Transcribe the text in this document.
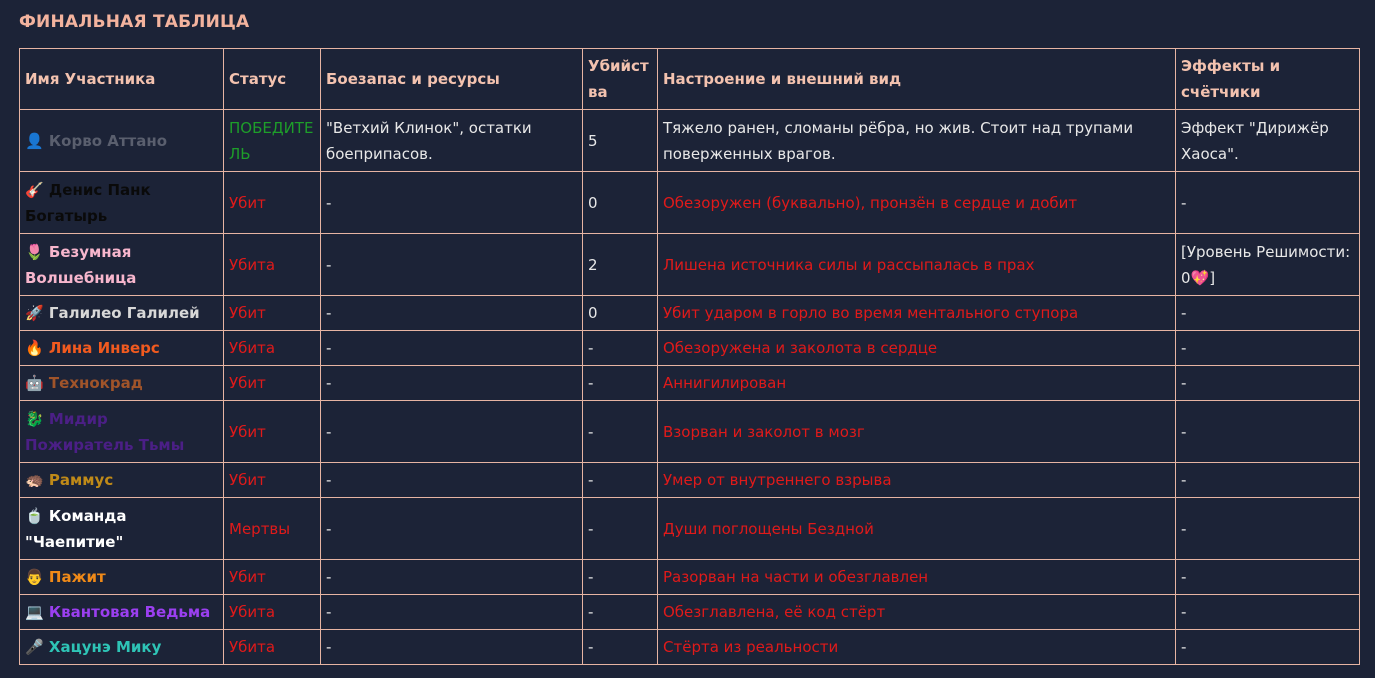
ФИНАЛЬНАЯ ТАБЛИЦА
Имя Участника	Статус	Боезапас и ресурсы	Убийства	Настроение и внешний вид	Эффекты и счётчики
👤 Корво Аттано	ПОБЕДИТЕЛЬ	"Ветхий Клинок", остатки боеприпасов.	5	Тяжело ранен, сломаны рёбра, но жив. Стоит над трупами поверженных врагов.	Эффект "Дирижёр Хаоса".
🎸 Денис Панк Богатырь	Убит	-	0	Обезоружен (буквально), пронзён в сердце и добит	-
🌷 Безумная Волшебница	Убита	-	2	Лишена источника силы и рассыпалась в прах	[Уровень Решимости: 0💖]
🚀 Галилео Галилей	Убит	-	0	Убит ударом в горло во время ментального ступора	-
🔥 Лина Инверс	Убита	-	-	Обезоружена и заколота в сердце	-
🤖 Технокрад	Убит	-	-	Аннигилирован	-
🐉 Мидир Пожиратель Тьмы	Убит	-	-	Взорван и заколот в мозг	-
🦔 Раммус	Убит	-	-	Умер от внутреннего взрыва	-
🍵 Команда "Чаепитие"	Мертвы	-	-	Души поглощены Бездной	-
👨 Пажит	Убит	-	-	Разорван на части и обезглавлен	-
💻 Квантовая Ведьма	Убита	-	-	Обезглавлена, её код стёрт	-
🎤 Хацунэ Мику	Убита	-	-	Стёрта из реальности	-
